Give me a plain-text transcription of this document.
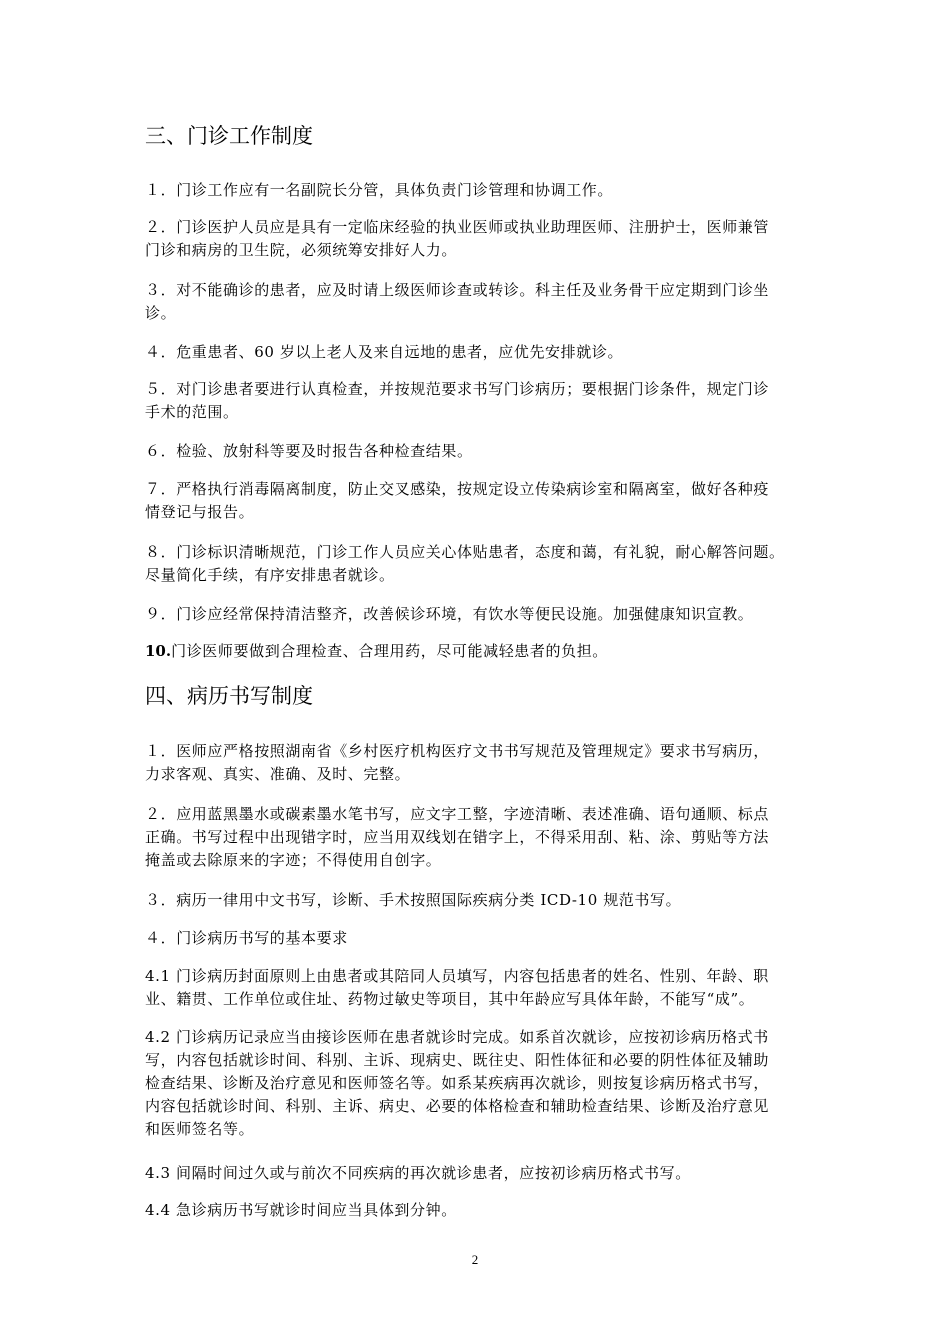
三、门诊工作制度
１．门诊工作应有一名副院长分管，具体负责门诊管理和协调工作。
２．门诊医护人员应是具有一定临床经验的执业医师或执业助理医师、注册护士，医师兼管
门诊和病房的卫生院，必须统筹安排好人力。
３．对不能确诊的患者，应及时请上级医师诊查或转诊。科主任及业务骨干应定期到门诊坐
诊。
４．危重患者、60 岁以上老人及来自远地的患者，应优先安排就诊。
５．对门诊患者要进行认真检查，并按规范要求书写门诊病历；要根据门诊条件，规定门诊
手术的范围。
６．检验、放射科等要及时报告各种检查结果。
７．严格执行消毒隔离制度，防止交叉感染，按规定设立传染病诊室和隔离室，做好各种疫
情登记与报告。
８．门诊标识清晰规范，门诊工作人员应关心体贴患者，态度和蔼，有礼貌，耐心解答问题。
尽量简化手续，有序安排患者就诊。
９．门诊应经常保持清洁整齐，改善候诊环境，有饮水等便民设施。加强健康知识宣教。
10.门诊医师要做到合理检查、合理用药，尽可能减轻患者的负担。
四、病历书写制度
１．医师应严格按照湖南省《乡村医疗机构医疗文书书写规范及管理规定》要求书写病历，
力求客观、真实、准确、及时、完整。
２．应用蓝黑墨水或碳素墨水笔书写，应文字工整，字迹清晰、表述准确、语句通顺、标点
正确。书写过程中出现错字时，应当用双线划在错字上，不得采用刮、粘、涂、剪贴等方法
掩盖或去除原来的字迹；不得使用自创字。
３．病历一律用中文书写，诊断、手术按照国际疾病分类 ICD-10 规范书写。
４．门诊病历书写的基本要求
4.1 门诊病历封面原则上由患者或其陪同人员填写，内容包括患者的姓名、性别、年龄、职
业、籍贯、工作单位或住址、药物过敏史等项目，其中年龄应写具体年龄，不能写“成”。
4.2 门诊病历记录应当由接诊医师在患者就诊时完成。如系首次就诊，应按初诊病历格式书
写，内容包括就诊时间、科别、主诉、现病史、既往史、阳性体征和必要的阴性体征及辅助
检查结果、诊断及治疗意见和医师签名等。如系某疾病再次就诊，则按复诊病历格式书写，
内容包括就诊时间、科别、主诉、病史、必要的体格检查和辅助检查结果、诊断及治疗意见
和医师签名等。
4.3 间隔时间过久或与前次不同疾病的再次就诊患者，应按初诊病历格式书写。
4.4 急诊病历书写就诊时间应当具体到分钟。
2
